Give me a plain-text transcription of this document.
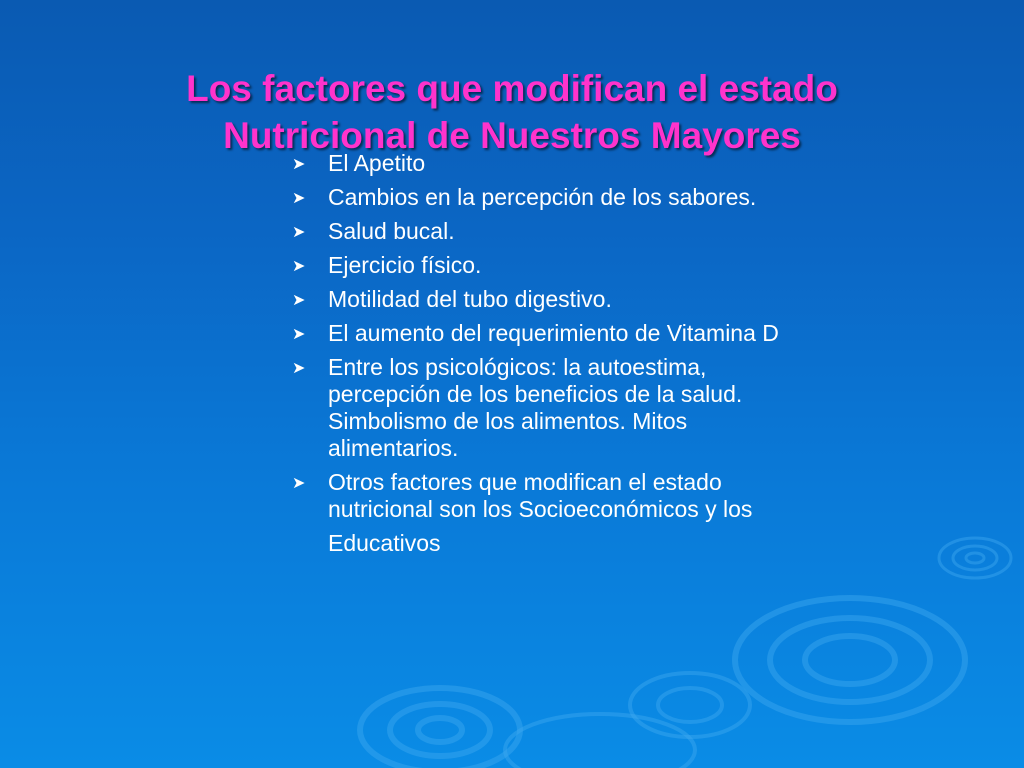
Los factores que modifican el estado
Nutricional de Nuestros Mayores
➤ El Apetito
➤ Cambios en la percepción de los sabores.
➤ Salud bucal.
➤ Ejercicio físico.
➤ Motilidad del tubo digestivo.
➤ El aumento del requerimiento de Vitamina D
➤ Entre los psicológicos: la autoestima, percepción de los beneficios de la salud. Simbolismo de los alimentos. Mitos alimentarios.
➤ Otros factores que modifican el estado nutricional son los Socioeconómicos y los
Educativos
